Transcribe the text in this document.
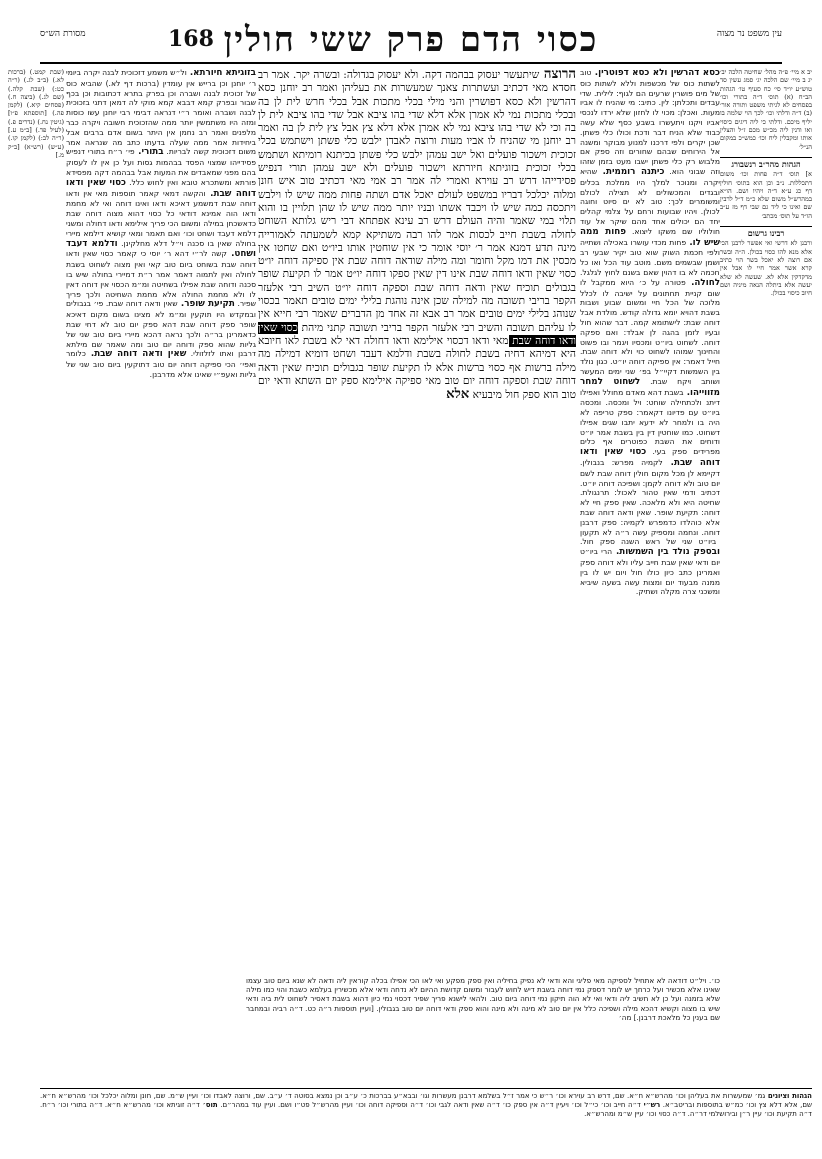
עין משפט נר מצוה
כסוי הדם פרק ששי חולין
168
מסורת הש״ס
יב א מיי׳ פ״ה מהל׳ שחיטה הלכה יב׳ יג ב מיי׳ שם הלכה יג׳ סמג עשין סד טוש״ע יו״ד סי׳ כח סעיף טו׳ הגהות הב״ח (א) תוס׳ ד״ה בתורי וכו׳ בפסחים לא לגיתי משפט ותורה אור׳ (ב) ד״ה ודלתי וכו׳ לכך הוי שלמה בו יליף מיכם. ודלתי כי ליה דיגים כיסוי ואו ודנין ליה מכ״ש מכם ז״ל והצלין אותו ומקבלין ליח וכו׳ כמש״כ במקום הנ״ל׳
הגהות מהר״ב רנשבורג
א] תוס׳ ד״ה פחות וכו׳ משום דתכללות. נ״ב וכן הוא בתוס׳ חולין דף כג ע״א ד״ה ויהיו ושם. הו״א במהרש״ל משום שלא כ״מ ד״ל לרבין שם ואינו כי ליד גם שבי דף מז ע״ב הו״ד על תוס׳ מכתב׳
רבינו גרשום
ורבנן לא דרשי ואי אפשר לרבנן הכי אלא מנא להו כסוי בכולן. ה״ה ובשר אם רוצה לא יאכל בשר הוי כתיב קרא אשר אמר חיי לו אבל אין מדקדקין אלא לא. שעשה לא שלא יעשה אלא ביתלה הנאה מיניה ושם חיוב כיסוי בכולן.
כסא דהרשין ולא כסא דפוטרין. טוב לשתות כוס של מכשפות וללא לשתות כוס של מים פושרין שרעים הם לגוף: לילית. שדי עבדים ותכלתן: לין. כתיב: מי שהניח לו אביו מעות. ואכלן: מכוי לו לחזון שלא ירדו לנכסי אביו ויקנו ויתעשרו בשבע כסף שלא עשה כבוד שלא הניח דבר ודכת וכולו כלי פשתן. שכן יקרים ולפי דרכנו למנוע מבוקר ומשנה אל הירוחים שבהם שחורים וזה ספק אם מלבוש רק כלי פשתן ישבו מעט בזמן שזהו וזה שבוני הוא. כיתנה רוממית. שהיא יקרה ומנוכר למלך היו ממלכת בכלים ובגדים והמכשולים לא תצילה לכולם ומשומרים לכך: טוב לא ים סיוט וחוגה לכולן. ויהיו שבועות ורחם על צלמי קהלים יחד הם יכולים אחד מהם שיקר אל עוד חולוליו שם משקו ליצוא. פחות ממה שיש לו. פחות מכדי עושרו באכילה ושתייה ולפי חכמת השוק שוא טוב יקיר שבעי רב ושמן שבשמים משם. מוטב עוד הכל ואו כל חכמה לא בו דהוין שאם בשנם לחוץ לגלגל. לחולה. פטורה על כ׳ היוא ממקבל לו שום קניית תחתונים על ישיבה לו לכלל מלוכה של הכל חיי ומשום שבוע ושבות בשבת דהויא יומא גדולה קודש. מולדת אבל דוחה שבת: לישתומא קמה. דבר שהוא חול ובעיו לזמן בהגה לן אבלד: ואם ספקה דוחה. לשחוט ביו״ט ומכסיו ויגמר ובו פשוט והחינוך שמוהו לשחוט כוי ולא דוחה שבת. חייל דאמר: אין ספיקה דוחה יו״ט. כגון נולד בין השמשות דקיי״ל בפ׳ שני ימים המעשר ושותב ויקח שבת. לשחוט למחר מזווייהו. בשבת דהא מאדם מחולל ואפילו דיתנ ולכתחילה שוחט: ויל ומכסה. ומכסה ביו״ט עם פדיונו דקאמר: ספק טריפה לא היה בו ולמחר לא ידעא יתבו שגים אפילו דשחוט. כמו שוחטין דין בין בשבת אמר יו״ט ודוחים את השבת כפוטרים אף כלים מפרידים ספק בעי. כסוי שאין ודאו דוחה שבת. לקמיה מפרש: בנבולין. דקיימא לן מכל מקום חולין דוחה שבת לשם יום טוב ולא דוחה לקמן: ושפיכה דוחה יו״ט. דכתיב ודמי שאין טהור לאכול: תרנגולת. שחיטה היא ולא מלאכה. שאין ספק חיי לא דוחה: תקיעת שופר. שאין ודאה דוחה שבת אלא כוהלדו כדמפרש לקמיה: ספק דרבנן דוחה. ונחמה ומספיק עשה ר״ה לא תקעון ביו״ט שני של ראש השנה ספק חול. ובספק נולד בין השמשות. הרי ביו״ט יום ודאי שאין שבת חייב עליו ולא דוחה ספק ואמרינן כתב כיון כולו חול ויום יש לו בין ממנה מבעוד יום ומצות עשה בשעה שיביא ומשכני צרה מקלה ושתיק.
הרוצה שיתעשר יעסוק בבהמה דקה. ולא יעסוק בגדולה: ובשרה יקר. אמר רב חסדא מאי דכתיב ועשתרות צאנך שמעשרות את בעליהן ואמר רב יוחנן כסא דהרשין ולא כסא דפושרין והני מילי בכלי מתכות אבל בכלי חרש לית לן בה ובכלי מתכות נמי לא אמרן אלא דלא שדי בהו ציבא אבל שדי בהו ציבא לית לן בה וכי לא שדי בהו ציבא נמי לא אמרן אלא דלא צץ אבל צץ לית לן בה ואמר רב יוחנן מי שהניח לו אביו מעות ורוצה לאבדן ילבש כלי פשתן וישתמש בכלי זכוכית וישכור פועלים ואל ישב עמהן ילבש כלי פשתן בכיתנא רומיתא ושתמש בכלי זכוכית בזוגיתא חיורתא וישכור פועלים ולא ישב עמהן תורי דנפיש פסידייהו דרש רב עוירא ואמרי לה אמר רב אמי מאי דכתיב טוב איש חונן ומלוה יכלכל דבריו במשפט לעולם יאכל אדם ושתה פחות ממה שיש לו וילבש ויתכסה כמה שיש לו ויכבד אשתו ובניו יותר ממה שיש לו שהן תלויין בו והוא תלוי במי שאמר והיה העולם דרש רב עינא אפתחא דבי ריש גלותא השוחט לחולה בשבת חייב לכסות אמר להו רבה משתיקא קמא לשמעתה לאמורייה מינה תדע דמנא אמר ר׳ יוסי אומר כי אין שוחטין אותו ביו״ט ואם שחטו אין מכסין את דמו מקל וחומר ומה מילה שודאה דוחה שבת אין ספיקה דוחה יו״ט כסוי שאין ודאו דוחה שבת אינו דין שאין ספקו דוחה יו״ט אמר לו תקיעת שופר בגבולים תוכיח שאין ודאה דוחה שבת וספקה דוחה יו״ט השיב רבי אלעזר הקפר בריבי תשובה מה למילה שכן אינה נוהגת בלילי ימים טובים תאמר בכסוי שנוהג בלילי ימים טובים אמר רב אבא זה אחד מן הדברים שאמר רבי חייא אין לו עליהם תשובה והשיב רבי אלעזר הקפר בריבי תשובה קתני מיהת כסוי שאין ודאו דוחה שבת מאי ודאו דכסוי אילימא ודאו דחולה דאי לא בשבת לאו חיובא היא דמיהא דחיה בשבת לחולה בשבת ודלמא דעבד ושחט דומיא דמילה מה מילה ברשות אף כסוי ברשות אלא לו תקיעת שופר בגבולים תוכיח שאין ודאה דוחה שבת וספקה דוחה יום טוב מאי ספיקה אילימא ספק יום השתא ודאי יום טוב הוא ספק חול מיבעיא אלא
בזוגיתא חיורתא. ול״ש משמע דזכוכית לבנה יקרה ביומי ר׳ יוחנן וכן ברייש אין עומדין (ברכות דף לא.) שהביא כוס של זכוכית לבנה ושברה וכן בפרק בתרא דכתובות וכן בכף שבור ובפרק קמא דבבא קמא מוקי לה דמאן דתני בזכוכית לבנה ושברה ואומר ר״י דנראה דבימי רבי יוחנן עשו כוסות ומזה היו משתמשין יותר ממה שהזכוכית חשובה ויקרה כבר מלפנים ואמר רב נחמן אין היתר בשום אדם ברבים אבל ביחידות אמר ממה שעלה בדעתו כתב מה שנראה אמר משום דזכוכית קשה לבריות. בתורי. פי׳ ר״ח בתורי דנפיש פסידייהו שמצוי הפסד בבהמות גסות ועל כן אין לו לעסוק בהם מפני שמאבדים את המעות אבל בבהמה דקה מפסידא פורתא ומשתכרא טובא ואין לחוש כלל. כסוי שאין ודאו דוחה שבת. והקשה דמאי קאמר תוספות מאי אין ודאו דוחה שבת דמשמע דאיכא ודאו ואינו דוחה ואי לא מחמת ודאו הוה אמינא דודאי כל כסוי דהוא מצוה דוחה שבת כדאשכחן במילה ומשום הכי פריך אילימא ודאו דחולה ומשני דלמא דעבד ושחט וכו׳ ואם תאמר ומאי קושיא דילמא מיירי בחולה שאין בו סכנה וי״ל דלא מחלקינן. ודלמא דעבד ושחט. קשה לר״י דהא ר׳ יוסי כי קאמר כסוי שאין ודאו דוחה שבת בשוחט ביום טוב קאי ואין מצוה לשחוט בשבת לחולה ואין לתמוה דאמר אמר ר״ת דמיירי בחולה שיש בו סכנה ודוחה שבת אפילו בשחיטה ומ״מ הכסוי אין דוחה דאין לו ולא מחמת החולה אלא מחמת השחיטה ולכך פריך שפיר. תקיעת שופר. שאין ודאה דוחה שבת. פי׳ בגבולים ובמקדש היו תוקעין ומ״מ לא מצינו בשום מקום דאיכא שופר ספק דוחה שבת דהא ספק יום טוב לא דחי שבת כדאמרינן בר״ה ולכך נראה דהכא מיירי ביום טוב שני של גליות שהוא ספק ודוחה יום טוב ומה שאמר שם מילתא דרבנן ואתו לזלזולי. שאין ודאה דוחה שבת. כלומר ואפי׳ הכי ספיקה דוחה יום טוב דתוקעין ביום טוב שני של גליות ואעפ״י שאינו אלא מדרבנן.
(שבת קמט.) (ברכות לא.) (ב״ב לג.) (ר״ה כט:) (שבת קלה.) (שם לג.) (ביצה ח.) (פסחים קיא.) (לקמן פה.) [תוספתא פ״ו] (גיטין נח.) (נדרים פ.) (לעיל פד.) [ב״מ ע.] (ר״ה לב:) (לקמן קו.) (ע״ש) (רש״א) [ב״ק מ.]
כו׳. ויל״ט דודאה לא אתחיל לספיקה מאי פליגי והא ודאי לא נפיק בחיליה ואין ספק מפקע ואי לאו הכי אפילו בכלה קוראין ליה ודאה לא שנא ביום טוב עצמו שאינו אלא מכשיר ועל כרחך יש לומר דספק נמי דוחה בשבת דיש לחוש לעבור ומשום קדושת ההיום לא נדחה ודאי אלא מכשירין בעלמא כשבת והוי כמו מילה שלא בזמנה ועל כן לא חשיב ליה ודאי ואי לא הוה תיקון נמי דוחה ביום טוב. ולהאי לישנא פריך שפיר דכסוי נמי כיון דהוא בשבת דאסיר לשחוט לית ביה ודאי שיש בו מצוה וקשיא דהכא מילה ושפיכה כלל אין יום טוב לא מינה ולא מינה והוא ספק ודאי דוחה יום טוב בגבולין. [ועיין תוספות ר״ה כט. ד״ה רביה ובמחבר שם בענין כל מלאכת דרבנן.] מה׳
הגהות וציונים גמ׳ שמעשרות את בעליהן וכו׳ מהרש״א ח״א. שם, דרש רב עוירא וכו׳ ר״ש כי אמר ז״ל בשלמא דרבנן מעשרות וגו׳ ובבא״ע בברכות כ׳ ע״ב וכן נמצא בסוטה ד׳ ע״ב. שם, ורוצה לאבדו וכו׳ ועיין ש״מ. שם, חונן ומלוה יכלכל וכו׳ מהרש״א ח״א. שם, אלא דלא צץ וכו׳ כמ״ש בתוספות ובריטב״א. רש״י ד״ה חייב וכו׳ כי״ל וכו׳ ויעיין ד״ה אין ספק כו׳ ד״ה שאין ודאה לגבי וכו׳ ד״ה וספיקה דוחה וכו׳ ועיין מהרש״ל פט״ו ושם. ועיין עוד במהר״ם. תוס׳ ד״ה זוגיתא וכו׳ מהרש״א ח״א. ד״ה בתורי וכו׳ ר״ח. ד״ה תקיעת וכו׳ עיין ר״ן ובירושלמי דר״ה. ד״ה כסוי וכו׳ עיין ש״מ ומהרש״א.
